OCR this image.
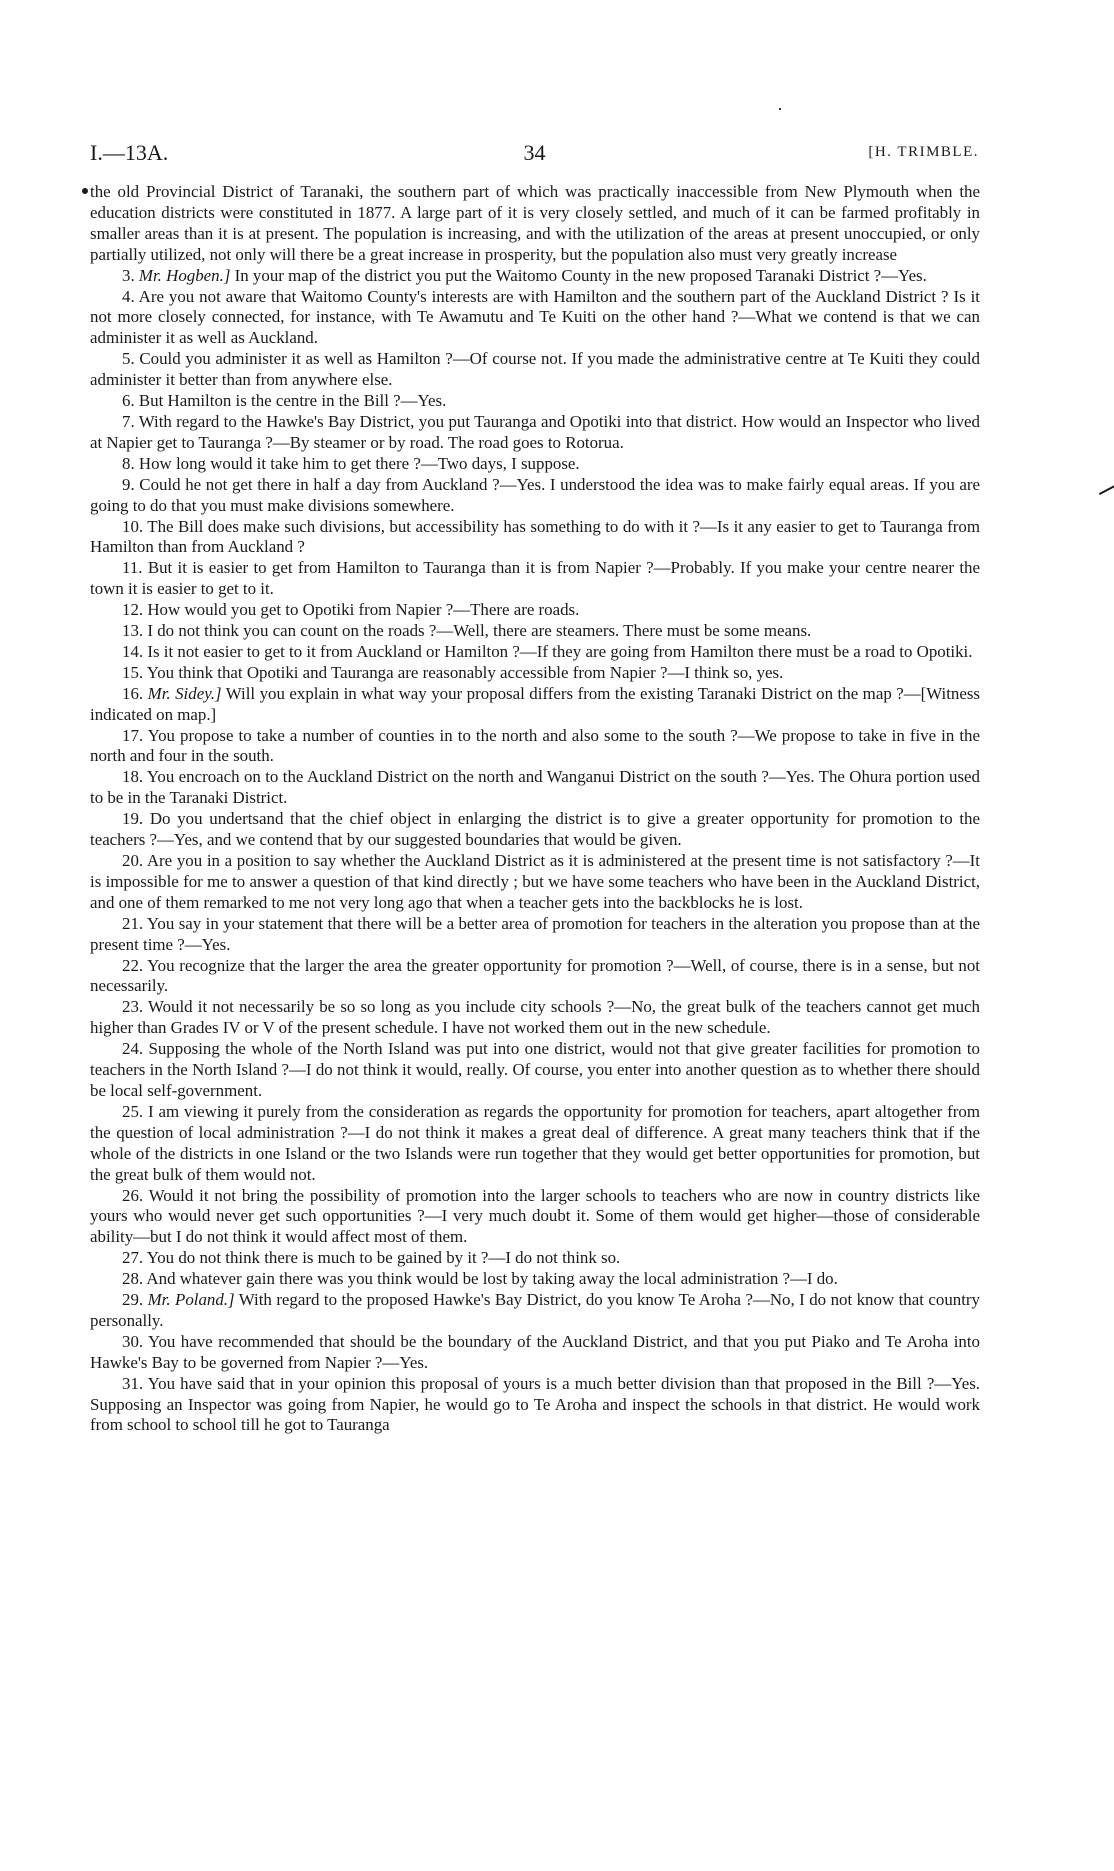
I.—13A.	34	[H. TRIMBLE.

the old Provincial District of Taranaki, the southern part of which was practically inaccessible from New Plymouth when the education districts were constituted in 1877. A large part of it is very closely settled, and much of it can be farmed profitably in smaller areas than it is at present. The population is increasing, and with the utilization of the areas at present unoccupied, or only partially utilized, not only will there be a great increase in prosperity, but the population also must very greatly increase

3. Mr. Hogben.] In your map of the district you put the Waitomo County in the new proposed Taranaki District ?—Yes.

4. Are you not aware that Waitomo County's interests are with Hamilton and the southern part of the Auckland District ? Is it not more closely connected, for instance, with Te Awamutu and Te Kuiti on the other hand ?—What we contend is that we can administer it as well as Auckland.

5. Could you administer it as well as Hamilton ?—Of course not. If you made the administrative centre at Te Kuiti they could administer it better than from anywhere else.

6. But Hamilton is the centre in the Bill ?—Yes.

7. With regard to the Hawke's Bay District, you put Tauranga and Opotiki into that district. How would an Inspector who lived at Napier get to Tauranga ?—By steamer or by road. The road goes to Rotorua.

8. How long would it take him to get there ?—Two days, I suppose.

9. Could he not get there in half a day from Auckland ?—Yes. I understood the idea was to make fairly equal areas. If you are going to do that you must make divisions somewhere.

10. The Bill does make such divisions, but accessibility has something to do with it ?—Is it any easier to get to Tauranga from Hamilton than from Auckland ?

11. But it is easier to get from Hamilton to Tauranga than it is from Napier ?—Probably. If you make your centre nearer the town it is easier to get to it.

12. How would you get to Opotiki from Napier ?—There are roads.

13. I do not think you can count on the roads ?—Well, there are steamers. There must be some means.

14. Is it not easier to get to it from Auckland or Hamilton ?—If they are going from Hamilton there must be a road to Opotiki.

15. You think that Opotiki and Tauranga are reasonably accessible from Napier ?—I think so, yes.

16. Mr. Sidey.] Will you explain in what way your proposal differs from the existing Taranaki District on the map ?—[Witness indicated on map.]

17. You propose to take a number of counties in to the north and also some to the south ?—We propose to take in five in the north and four in the south.

18. You encroach on to the Auckland District on the north and Wanganui District on the south ?—Yes. The Ohura portion used to be in the Taranaki District.

19. Do you undertsand that the chief object in enlarging the district is to give a greater opportunity for promotion to the teachers ?—Yes, and we contend that by our suggested boundaries that would be given.

20. Are you in a position to say whether the Auckland District as it is administered at the present time is not satisfactory ?—It is impossible for me to answer a question of that kind directly ; but we have some teachers who have been in the Auckland District, and one of them remarked to me not very long ago that when a teacher gets into the backblocks he is lost.

21. You say in your statement that there will be a better area of promotion for teachers in the alteration you propose than at the present time ?—Yes.

22. You recognize that the larger the area the greater opportunity for promotion ?—Well, of course, there is in a sense, but not necessarily.

23. Would it not necessarily be so so long as you include city schools ?—No, the great bulk of the teachers cannot get much higher than Grades IV or V of the present schedule. I have not worked them out in the new schedule.

24. Supposing the whole of the North Island was put into one district, would not that give greater facilities for promotion to teachers in the North Island ?—I do not think it would, really. Of course, you enter into another question as to whether there should be local self-government.

25. I am viewing it purely from the consideration as regards the opportunity for promotion for teachers, apart altogether from the question of local administration ?—I do not think it makes a great deal of difference. A great many teachers think that if the whole of the districts in one Island or the two Islands were run together that they would get better opportunities for promotion, but the great bulk of them would not.

26. Would it not bring the possibility of promotion into the larger schools to teachers who are now in country districts like yours who would never get such opportunities ?—I very much doubt it. Some of them would get higher—those of considerable ability—but I do not think it would affect most of them.

27. You do not think there is much to be gained by it ?—I do not think so.

28. And whatever gain there was you think would be lost by taking away the local administration ?—I do.

29. Mr. Poland.] With regard to the proposed Hawke's Bay District, do you know Te Aroha ?—No, I do not know that country personally.

30. You have recommended that should be the boundary of the Auckland District, and that you put Piako and Te Aroha into Hawke's Bay to be governed from Napier ?—Yes.

31. You have said that in your opinion this proposal of yours is a much better division than that proposed in the Bill ?—Yes. Supposing an Inspector was going from Napier, he would go to Te Aroha and inspect the schools in that district. He would work from school to school till he got to Tauranga
